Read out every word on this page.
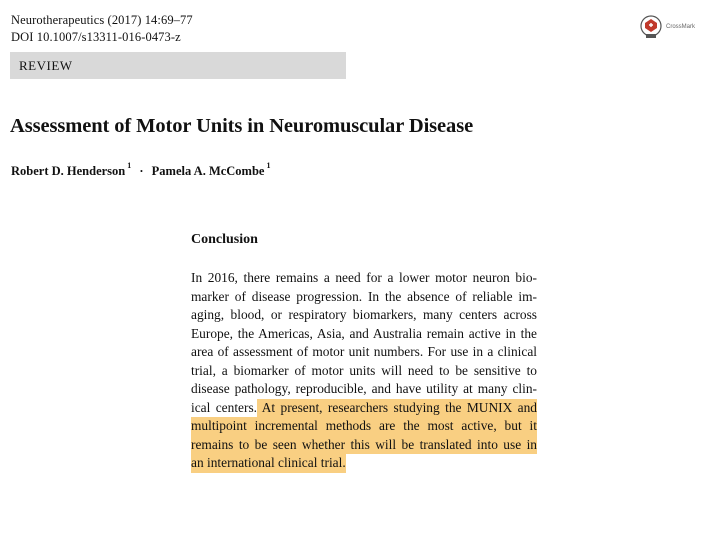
Neurotherapeutics (2017) 14:69–77
DOI 10.1007/s13311-016-0473-z
CrossMark
REVIEW
Assessment of Motor Units in Neuromuscular Disease
Robert D. Henderson $^1$ · Pamela A. McCombe $^1$
Conclusion
In 2016, there remains a need for a lower motor neuron bio-
marker of disease progression. In the absence of reliable im-
aging, blood, or respiratory biomarkers, many centers across
Europe, the Americas, Asia, and Australia remain active in the
area of assessment of motor unit numbers. For use in a clinical
trial, a biomarker of motor units will need to be sensitive to
disease pathology, reproducible, and have utility at many clin-
ical centers. At present, researchers studying the MUNIX and
multipoint incremental methods are the most active, but it
remains to be seen whether this will be translated into use in
an international clinical trial.
